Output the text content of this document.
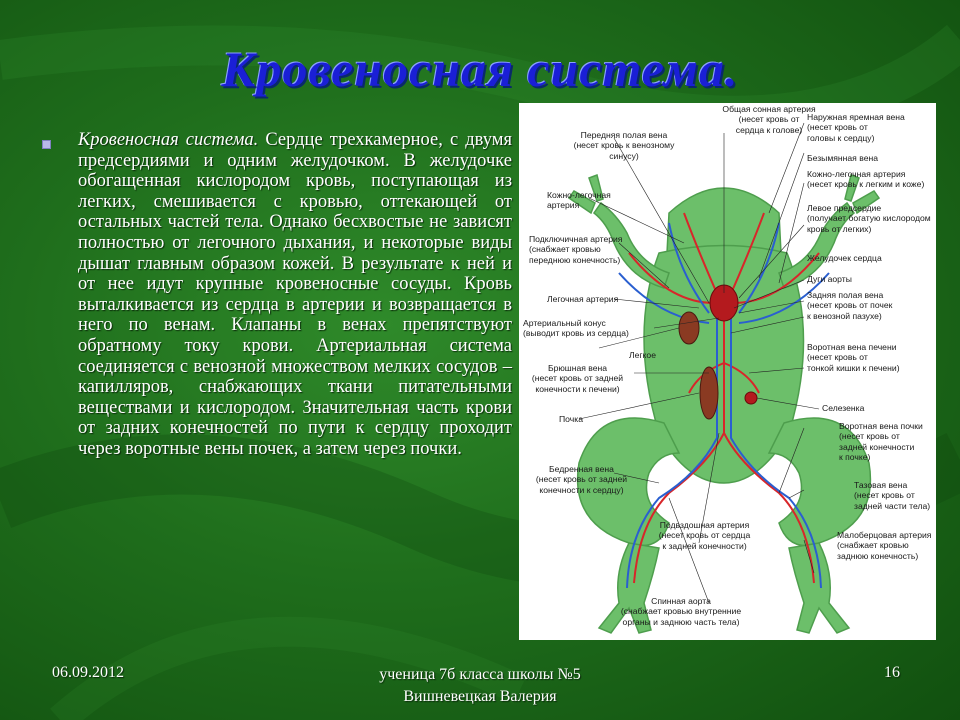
Кровеносная система.
Кровеносная система. Сердце трехкамерное, с двумя предсердиями и одним желудочком. В желудочке обогащенная кислородом кровь, поступающая из легких, смешивается с кровью, оттекающей от остальных частей тела. Однако бесхвостые не зависят полностью от легочного дыхания, и некоторые виды дышат главным образом кожей. В результате к ней и от нее идут крупные кровеносные сосуды. Кровь выталкивается из сердца в артерии и возвращается в него по венам. Клапаны в венах препятствуют обратному току крови. Артериальная система соединяется с венозной множеством мелких сосудов – капилляров, снабжающих ткани питательными веществами и кислородом. Значительная часть крови от задних конечностей по пути к сердцу проходит через воротные вены почек, а затем через почки.
Общая сонная артерия
(несет кровь от
сердца к голове)
Передняя полая вена
(несет кровь к венозному синусу)
Кожно-легочная
артерия
Подключичная артерия
(снабжает кровью
переднюю конечность)
Легочная артерия
Артериальный конус
(выводит кровь из сердца)
Легкое
Брюшная вена
(несет кровь от задней
конечности к печени)
Почка
Бедренная вена
(несет кровь от задней
конечности к сердцу)
Наружная яремная вена
(несет кровь от
головы к сердцу)
Безымянная вена
Кожно-легочная артерия
(несет кровь к легким и коже)
Левое предсердие
(получает богатую кислородом
кровь от легких)
Желудочек сердца
Дуги аорты
Задняя полая вена
(несет кровь от почек
к венозной пазухе)
Воротная вена печени
(несет кровь от
тонкой кишки к печени)
Селезенка
Воротная вена почки
(несет кровь от
задней конечности
к почке)
Тазовая вена
(несет кровь от
задней части тела)
Малоберцовая артерия
(снабжает кровью
заднюю конечность)
Подвздошная артерия
(несет кровь от сердца
к задней конечности)
Спинная аорта
(снабжает кровью внутренние
органы и заднюю часть тела)
06.09.2012	ученица 7б класса школы №5
Вишневецкая Валерия
16
